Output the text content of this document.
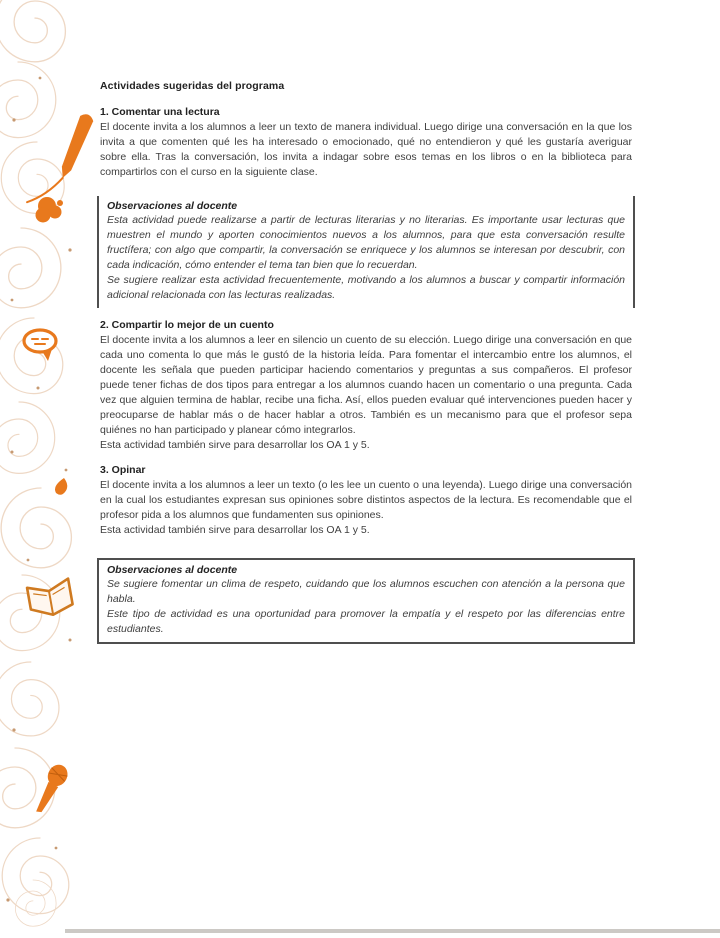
Actividades sugeridas del programa
1. Comentar una lectura

El docente invita a los alumnos a leer un texto de manera individual. Luego dirige una conversación en la que los invita a que comenten qué les ha interesado o emocionado, qué no entendieron y qué les gustaría averiguar sobre ella. Tras la conversación, los invita a indagar sobre esos temas en los libros o en la biblioteca para compartirlos con el curso en la siguiente clase.

Observaciones al docente

Esta actividad puede realizarse a partir de lecturas literarias y no literarias. Es importante usar lecturas que muestren el mundo y aporten conocimientos nuevos a los alumnos, para que esta conversación resulte fructífera; con algo que compartir, la conversación se enriquece y los alumnos se interesan por descubrir, con cada indicación, cómo entender el tema tan bien que lo recuerdan.

Se sugiere realizar esta actividad frecuentemente, motivando a los alumnos a buscar y compartir información adicional relacionada con las lecturas realizadas.

2. Compartir lo mejor de un cuento

El docente invita a los alumnos a leer en silencio un cuento de su elección. Luego dirige una conversación en que cada uno comenta lo que más le gustó de la historia leída. Para fomentar el intercambio entre los alumnos, el docente les señala que pueden participar haciendo comentarios y preguntas a sus compañeros. El profesor puede tener fichas de dos tipos para entregar a los alumnos cuando hacen un comentario o una pregunta. Cada vez que alguien termina de hablar, recibe una ficha. Así, ellos pueden evaluar qué intervenciones pueden hacer y preocuparse de hablar más o de hacer hablar a otros. También es un mecanismo para que el profesor sepa quiénes no han participado y planear cómo integrarlos.

Esta actividad también sirve para desarrollar los OA 1 y 5.

3. Opinar

El docente invita a los alumnos a leer un texto (o les lee un cuento o una leyenda). Luego dirige una conversación en la cual los estudiantes expresan sus opiniones sobre distintos aspectos de la lectura. Es recomendable que el profesor pida a los alumnos que fundamenten sus opiniones.

Esta actividad también sirve para desarrollar los OA 1 y 5.

Observaciones al docente

Se sugiere fomentar un clima de respeto, cuidando que los alumnos escuchen con atención a la persona que habla.

Este tipo de actividad es una oportunidad para promover la empatía y el respeto por las diferencias entre estudiantes.
